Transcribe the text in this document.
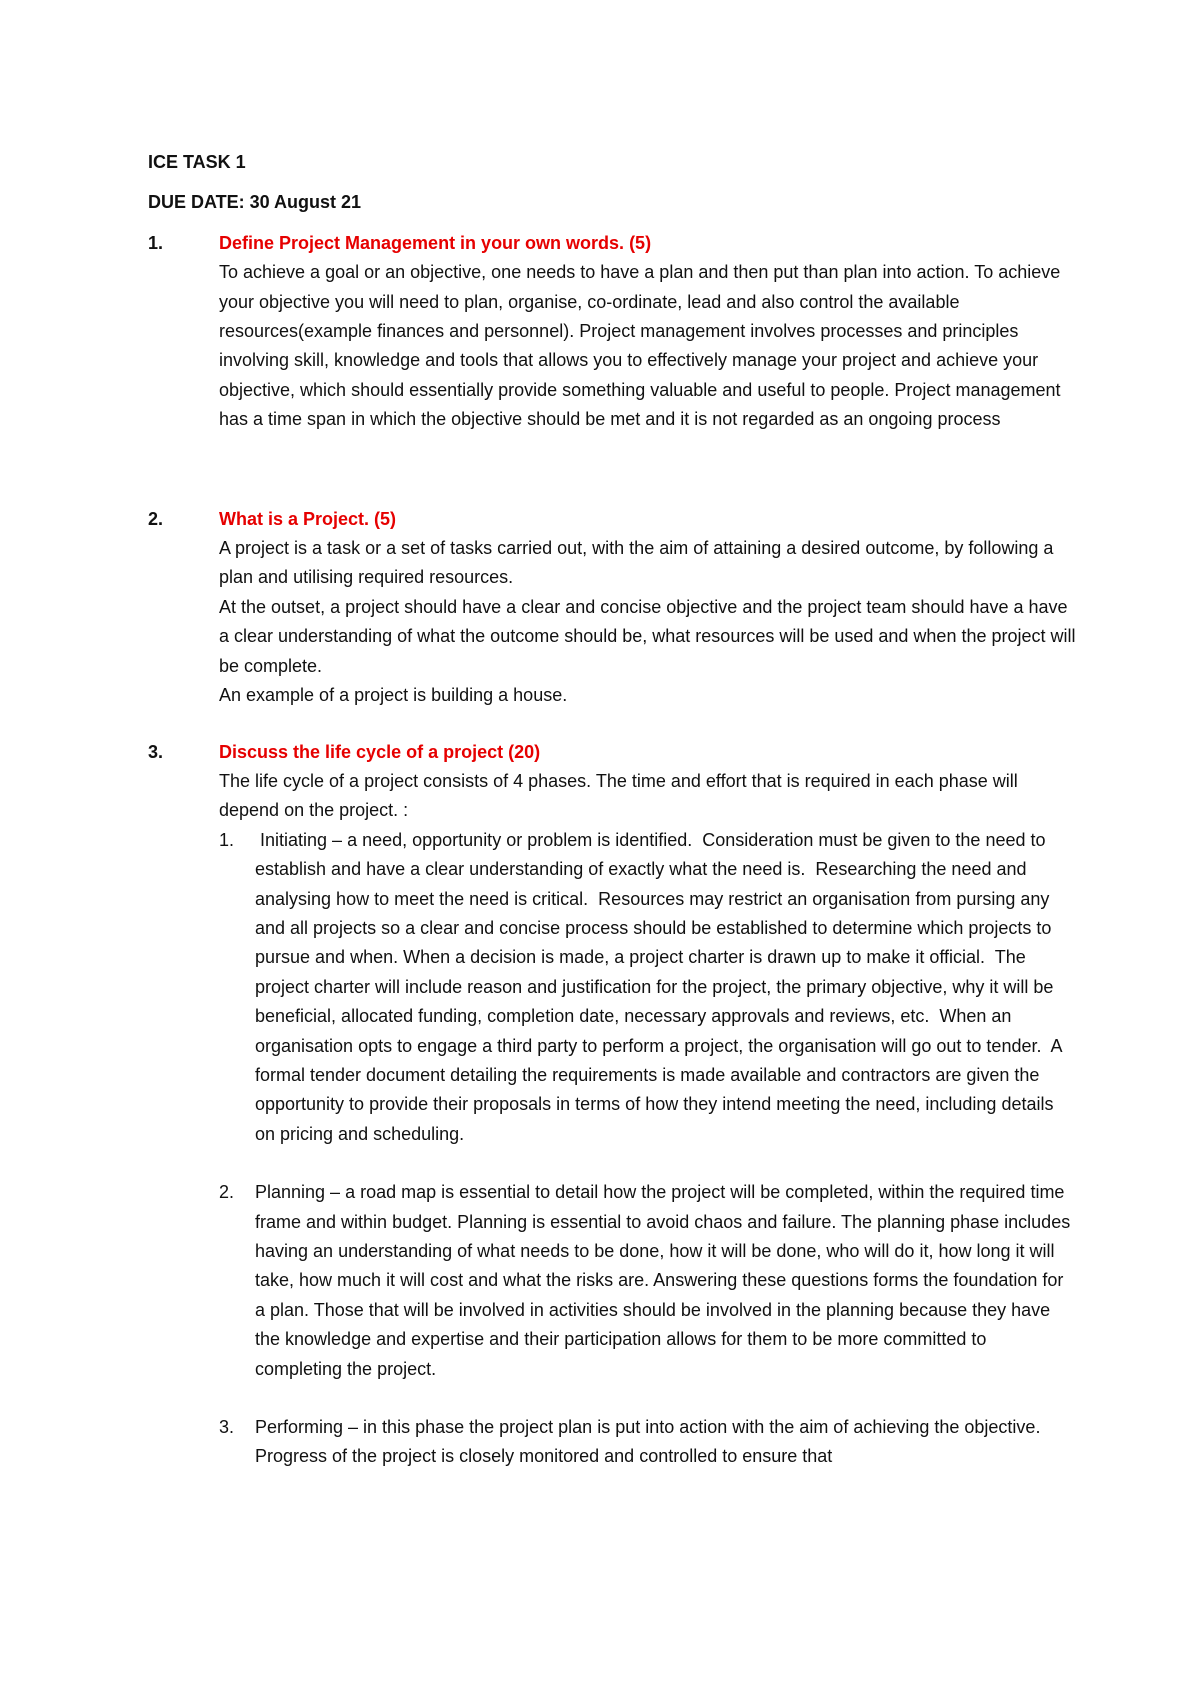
ICE TASK 1

DUE DATE: 30 August 21

1.	Define Project Management in your own words. (5)

To achieve a goal or an objective, one needs to have a plan and then put than plan into action. To achieve your objective you will need to plan, organise, co-ordinate, lead and also control the available resources(example finances and personnel). Project management involves processes and principles involving skill, knowledge and tools that allows you to effectively manage your project and achieve your objective, which should essentially provide something valuable and useful to people. Project management has a time span in which the objective should be met and it is not regarded as an ongoing process

2.	What is a Project. (5)

A project is a task or a set of tasks carried out, with the aim of attaining a desired outcome, by following a plan and utilising required resources.

At the outset, a project should have a clear and concise objective and the project team should have a have a clear understanding of what the outcome should be, what resources will be used and when the project will be complete.

An example of a project is building a house.

3.	Discuss the life cycle of a project (20)

The life cycle of a project consists of 4 phases. The time and effort that is required in each phase will depend on the project. :

1. Initiating – a need, opportunity or problem is identified.  Consideration must be given to the need to establish and have a clear understanding of exactly what the need is.  Researching the need and analysing how to meet the need is critical.  Resources may restrict an organisation from pursing any and all projects so a clear and concise process should be established to determine which projects to pursue and when. When a decision is made, a project charter is drawn up to make it official.  The project charter will include reason and justification for the project, the primary objective, why it will be beneficial, allocated funding, completion date, necessary approvals and reviews, etc.  When an organisation opts to engage a third party to perform a project, the organisation will go out to tender.  A formal tender document detailing the requirements is made available and contractors are given the opportunity to provide their proposals in terms of how they intend meeting the need, including details on pricing and scheduling.

2. Planning – a road map is essential to detail how the project will be completed, within the required time frame and within budget. Planning is essential to avoid chaos and failure. The planning phase includes having an understanding of what needs to be done, how it will be done, who will do it, how long it will take, how much it will cost and what the risks are. Answering these questions forms the foundation for a plan. Those that will be involved in activities should be involved in the planning because they have the knowledge and expertise and their participation allows for them to be more committed to completing the project.

3. Performing – in this phase the project plan is put into action with the aim of achieving the objective. Progress of the project is closely monitored and controlled to ensure that
